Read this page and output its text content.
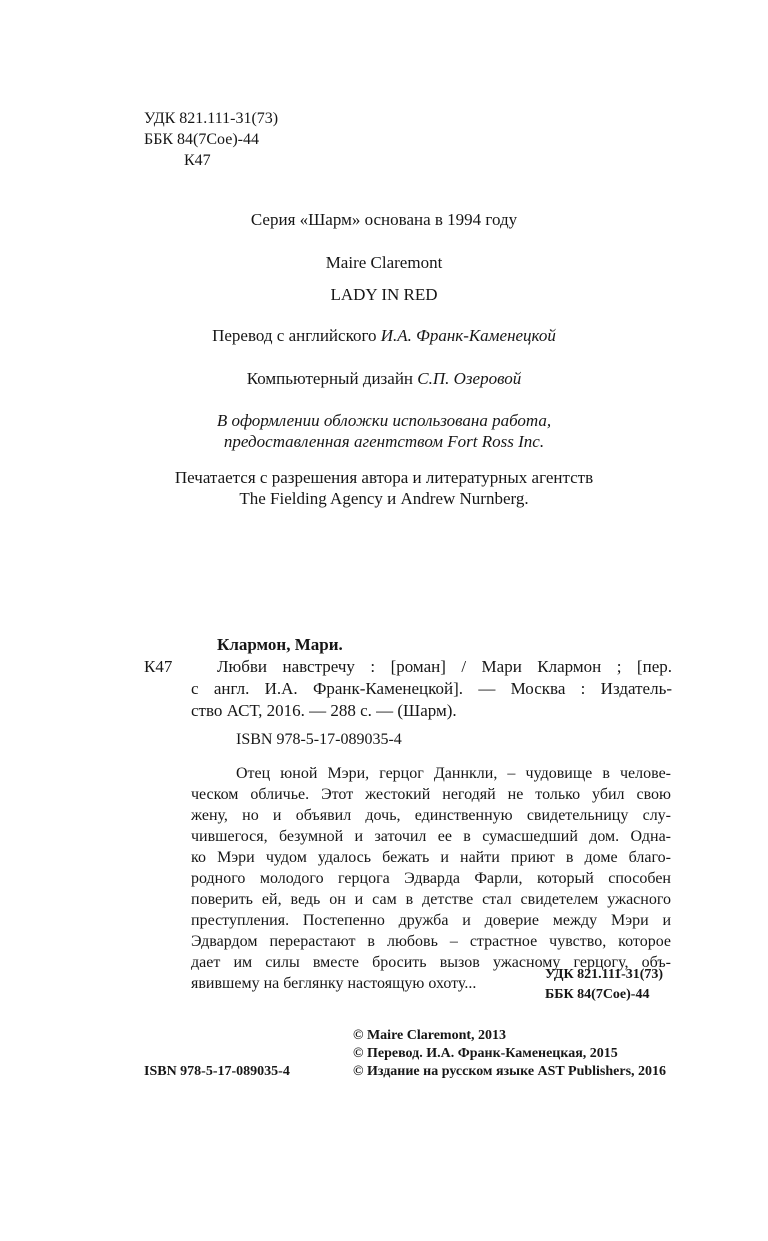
УДК 821.111-31(73)
ББК 84(7Сое)-44
К47
Серия «Шарм» основана в 1994 году
Maire Claremont
LADY IN RED
Перевод с английского И.А. Франк-Каменецкой
Компьютерный дизайн С.П. Озеровой
В оформлении обложки использована работа,
предоставленная агентством Fort Ross Inc.
Печатается с разрешения автора и литературных агентств
The Fielding Agency и Andrew Nurnberg.
Клармон, Мари.
К47	Любви навстречу : [роман] / Мари Клармон ; [пер.
с англ. И.А. Франк-Каменецкой]. — Москва : Издатель-
ство АСТ, 2016. — 288 с. — (Шарм).
ISBN 978-5-17-089035-4
Отец юной Мэри, герцог Даннкли, – чудовище в челове-
ческом обличье. Этот жестокий негодяй не только убил свою
жену, но и объявил дочь, единственную свидетельницу слу-
чившегося, безумной и заточил ее в сумасшедший дом. Одна-
ко Мэри чудом удалось бежать и найти приют в доме благо-
родного молодого герцога Эдварда Фарли, который способен
поверить ей, ведь он и сам в детстве стал свидетелем ужасного
преступления. Постепенно дружба и доверие между Мэри и
Эдвардом перерастают в любовь – страстное чувство, которое
дает им силы вместе бросить вызов ужасному герцогу, объ-
явившему на беглянку настоящую охоту...
УДК 821.111-31(73)
ББК 84(7Сое)-44
© Maire Claremont, 2013
© Перевод. И.А. Франк-Каменецкая, 2015
ISBN 978-5-17-089035-4	© Издание на русском языке AST Publishers, 2016
